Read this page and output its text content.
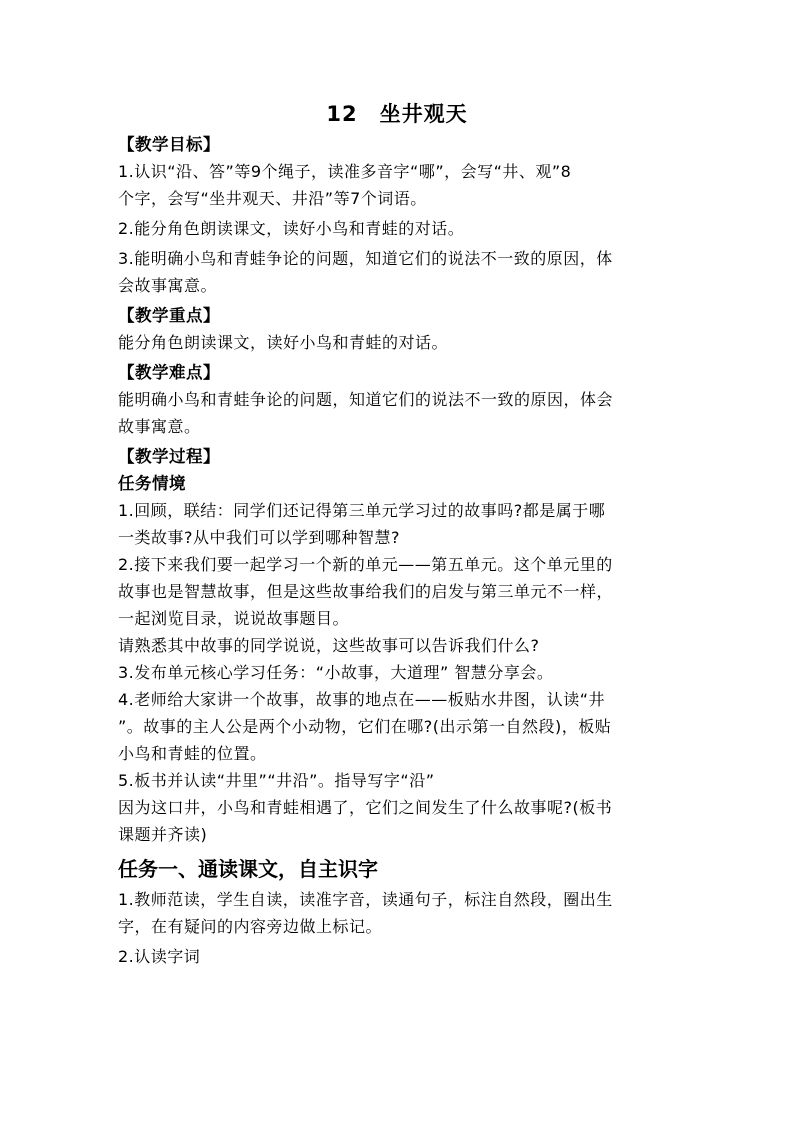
12 坐井观天
【教学目标】
1.认识“沿、答”等9个绳子，读准多音字“哪”，会写“井、观”8
个字，会写“坐井观天、井沿”等7个词语。
2.能分角色朗读课文，读好小鸟和青蛙的对话。
3.能明确小鸟和青蛙争论的问题，知道它们的说法不一致的原因，体
会故事寓意。
【教学重点】
能分角色朗读课文，读好小鸟和青蛙的对话。
【教学难点】
能明确小鸟和青蛙争论的问题，知道它们的说法不一致的原因，体会
故事寓意。
【教学过程】
任务情境
1.回顾，联结：同学们还记得第三单元学习过的故事吗?都是属于哪
一类故事?从中我们可以学到哪种智慧?
2.接下来我们要一起学习一个新的单元——第五单元。这个单元里的
故事也是智慧故事，但是这些故事给我们的启发与第三单元不一样，
一起浏览目录，说说故事题目。
请熟悉其中故事的同学说说，这些故事可以告诉我们什么?
3.发布单元核心学习任务：“小故事，大道理” 智慧分享会。
4.老师给大家讲一个故事，故事的地点在——板贴水井图，认读“井
”。故事的主人公是两个小动物，它们在哪?(出示第一自然段)，板贴
小鸟和青蛙的位置。
5.板书并认读“井里”“井沿”。指导写字“沿”
因为这口井，小鸟和青蛙相遇了，它们之间发生了什么故事呢?(板书
课题并齐读)
任务一、通读课文，自主识字
1.教师范读，学生自读，读准字音，读通句子，标注自然段，圈出生
字，在有疑问的内容旁边做上标记。
2.认读字词
